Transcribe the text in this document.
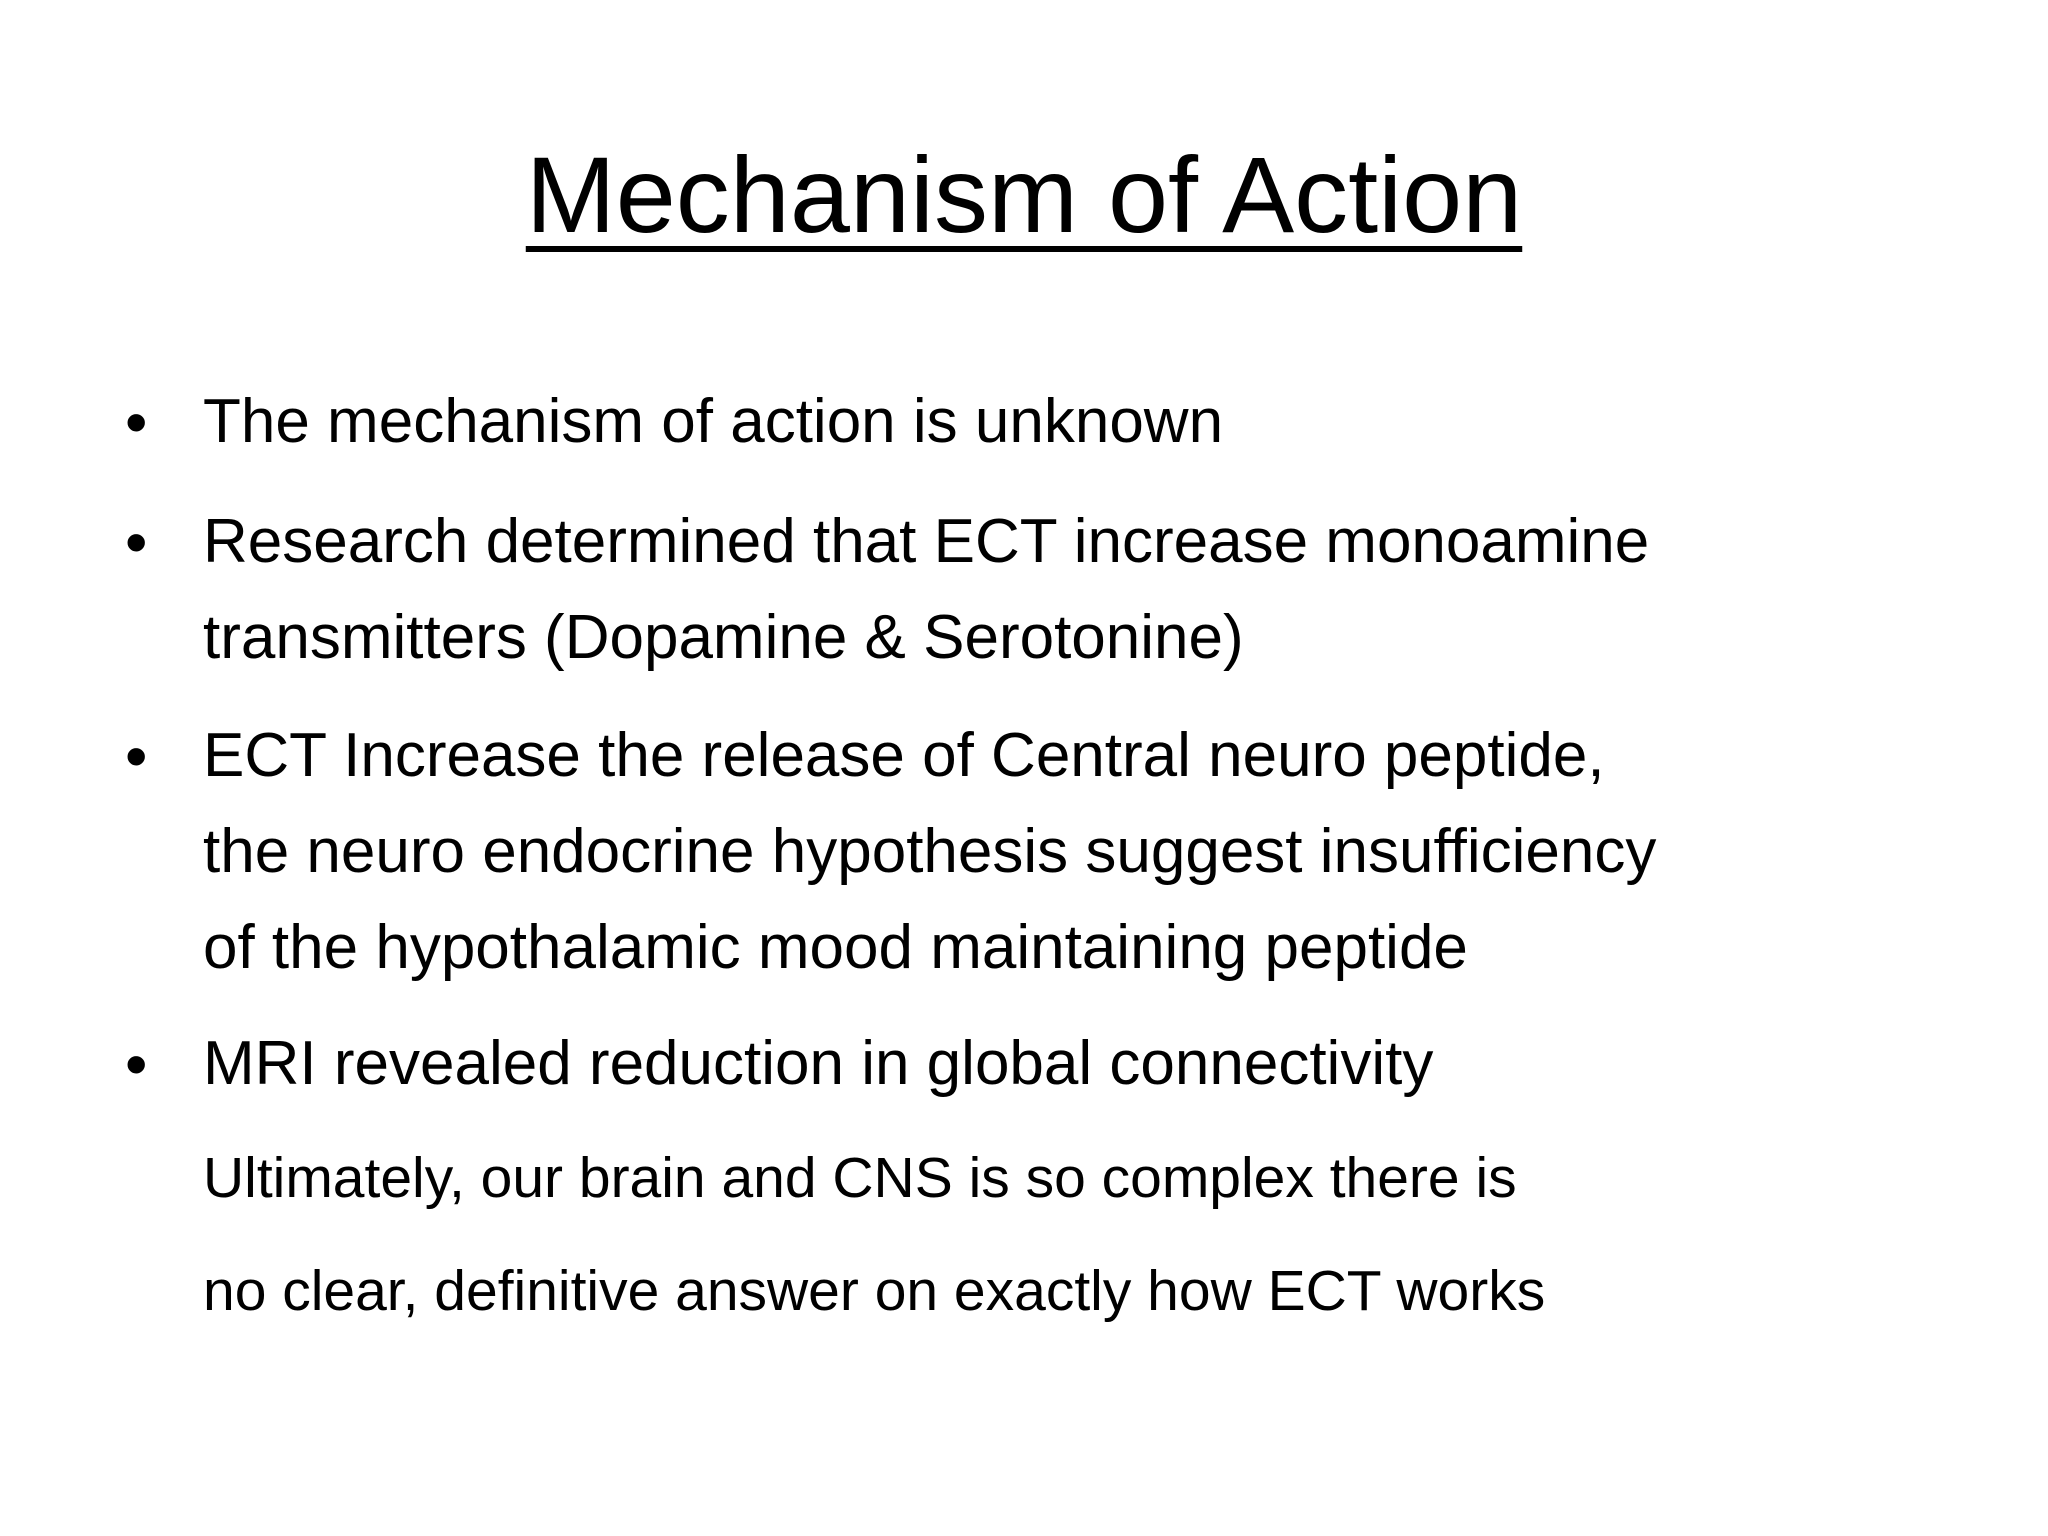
Mechanism of Action
• The mechanism of action is unknown
• Research determined that ECT increase monoamine
transmitters (Dopamine & Serotonine)
• ECT Increase the release of Central neuro peptide,
the neuro endocrine hypothesis suggest insufficiency
of the hypothalamic mood maintaining peptide
• MRI revealed reduction in global connectivity
Ultimately, our brain and CNS is so complex there is
no clear, definitive answer on exactly how ECT works
